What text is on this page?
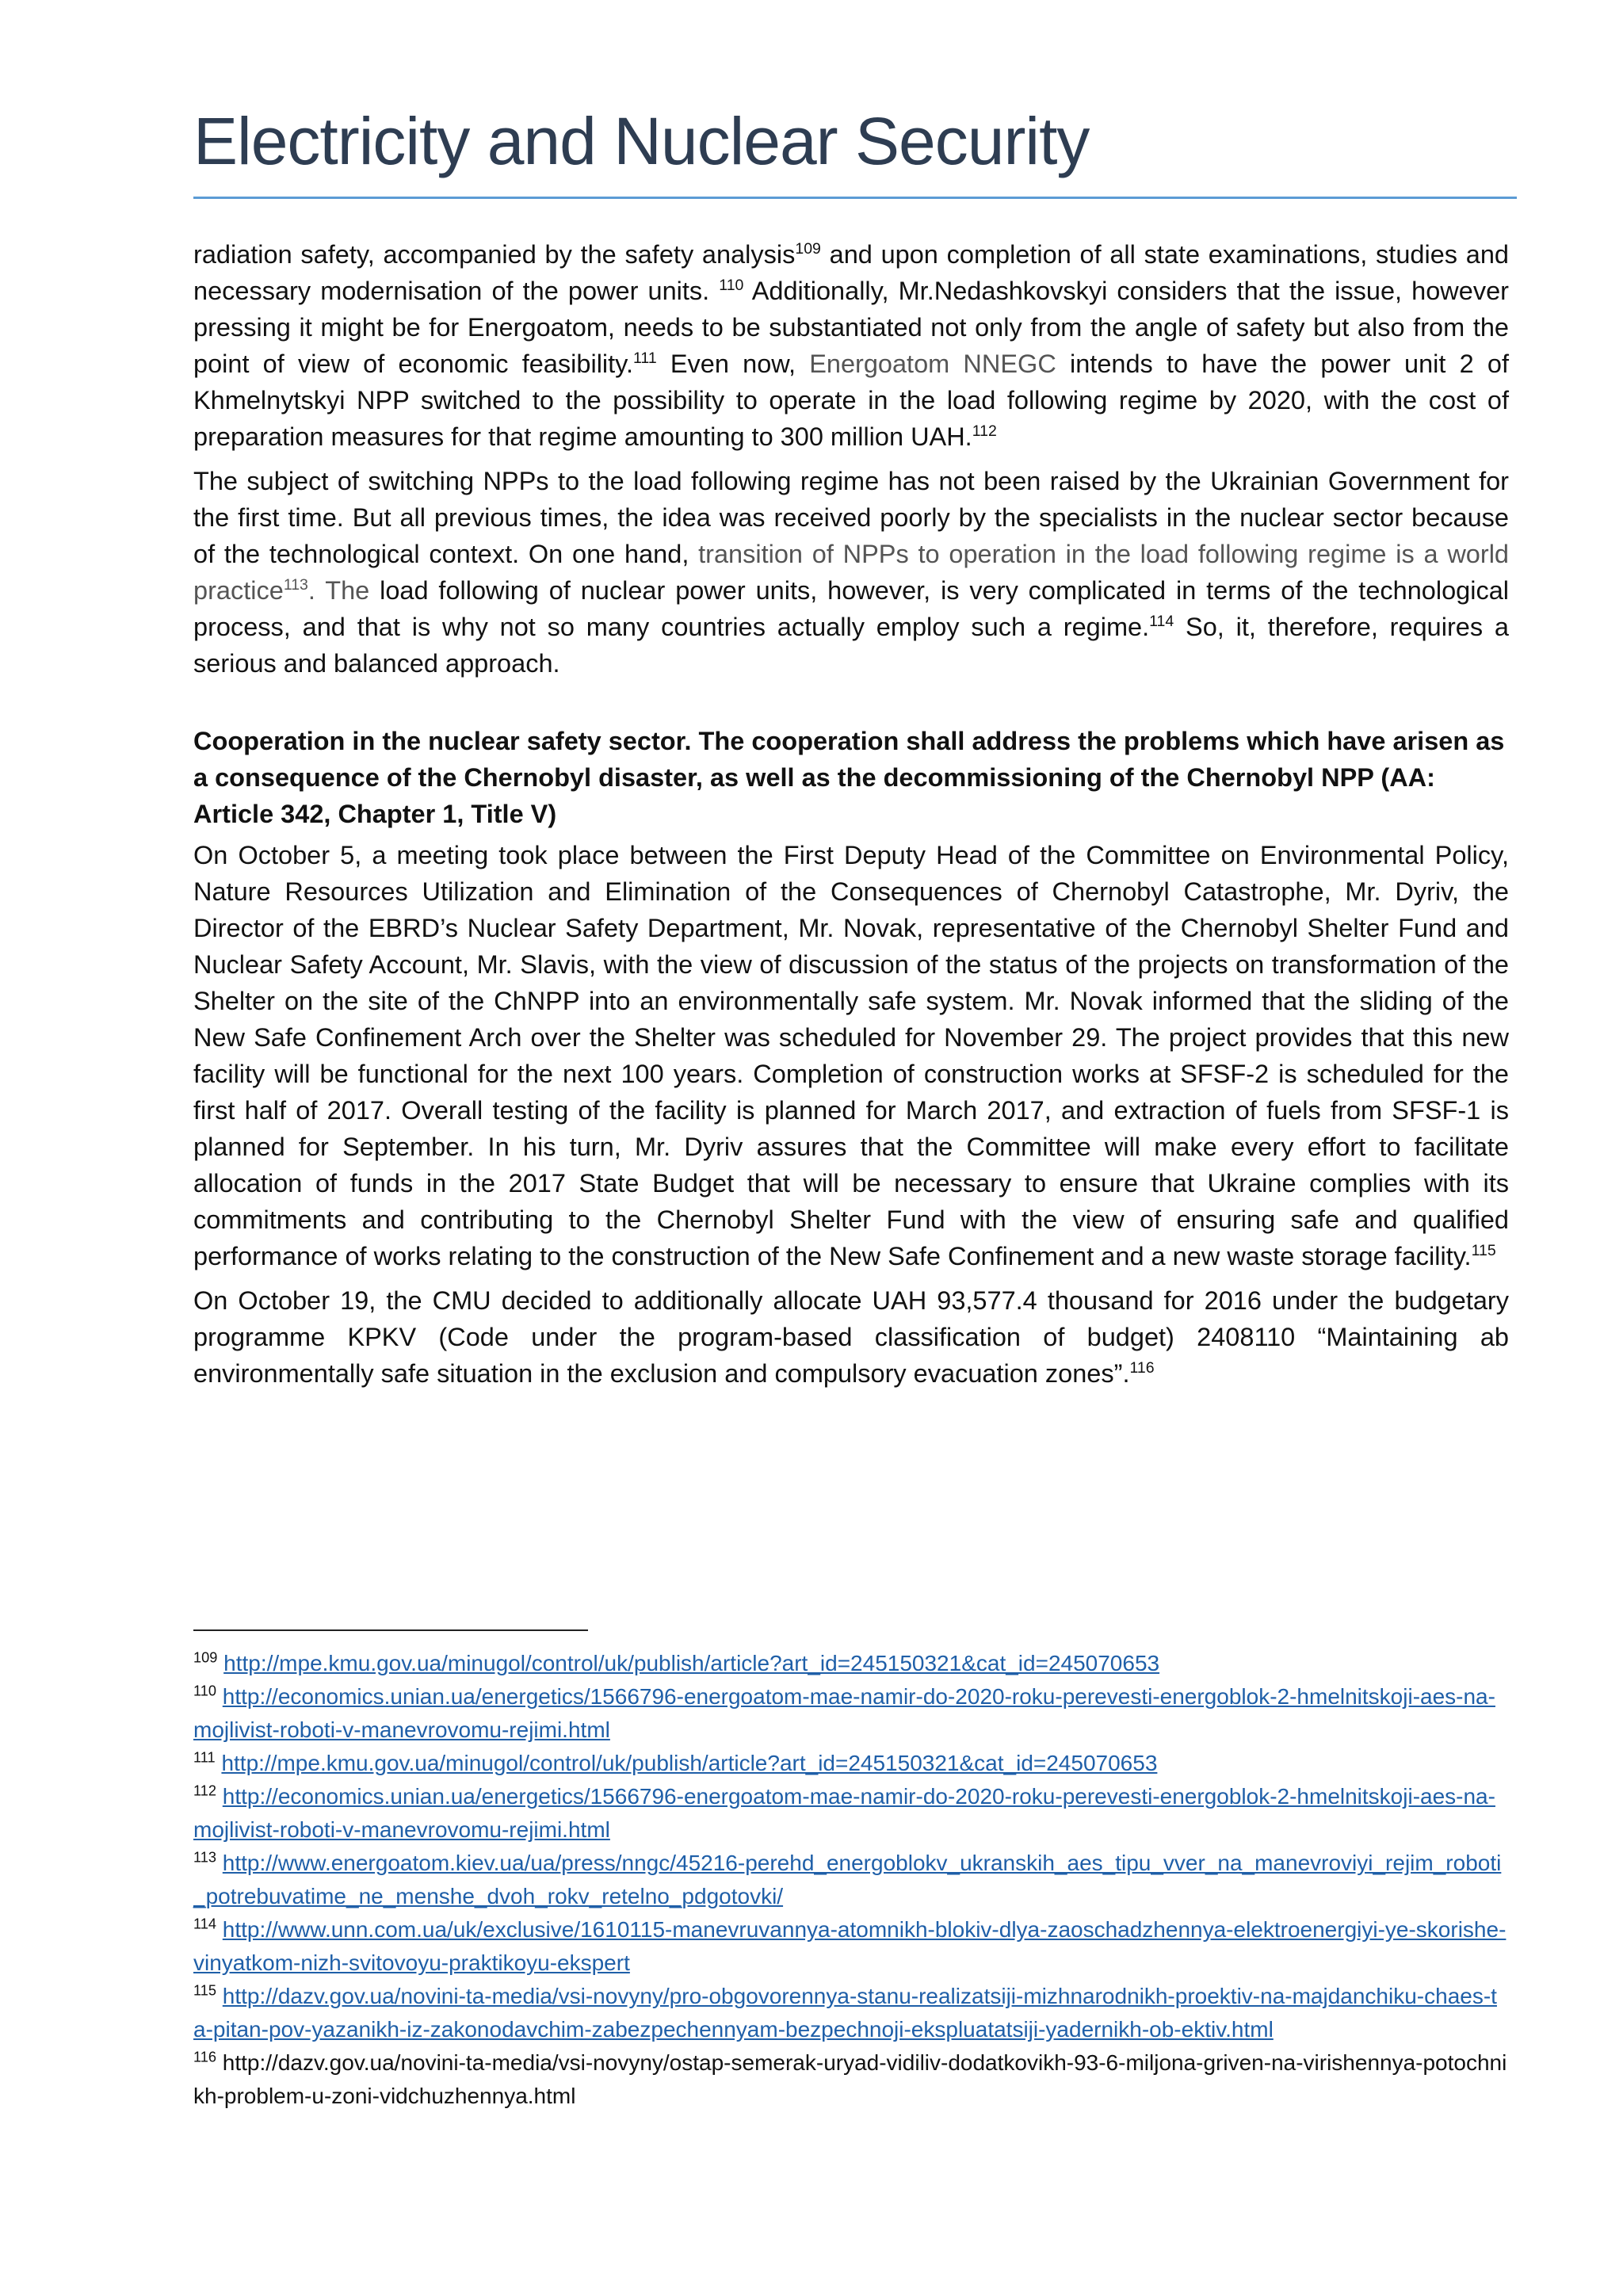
Electricity and Nuclear Security

radiation safety, accompanied by the safety analysis$^{109}$ and upon completion of all state examinations, studies and necessary modernisation of the power units. $^{110}$ Additionally, Mr.Nedashkovskyi considers that the issue, however pressing it might be for Energoatom, needs to be substantiated not only from the angle of safety but also from the point of view of economic feasibility.$^{111}$ Even now, Energoatom NNEGC intends to have the power unit 2 of Khmelnytskyi NPP switched to the possibility to operate in the load following regime by 2020, with the cost of preparation measures for that regime amounting to 300 million UAH.$^{112}$

The subject of switching NPPs to the load following regime has not been raised by the Ukrainian Government for the first time. But all previous times, the idea was received poorly by the specialists in the nuclear sector because of the technological context. On one hand, transition of NPPs to operation in the load following regime is a world practice$^{113}$. The load following of nuclear power units, however, is very complicated in terms of the technological process, and that is why not so many countries actually employ such a regime.$^{114}$ So, it, therefore, requires a serious and balanced approach.

Cooperation in the nuclear safety sector. The cooperation shall address the problems which have arisen as a consequence of the Chernobyl disaster, as well as the decommissioning of the Chernobyl NPP (AA: Article 342, Chapter 1, Title V)

On October 5, a meeting took place between the First Deputy Head of the Committee on Environmental Policy, Nature Resources Utilization and Elimination of the Consequences of Chernobyl Catastrophe, Mr. Dyriv, the Director of the EBRD’s Nuclear Safety Department, Mr. Novak, representative of the Chernobyl Shelter Fund and Nuclear Safety Account, Mr. Slavis, with the view of discussion of the status of the projects on transformation of the Shelter on the site of the ChNPP into an environmentally safe system. Mr. Novak informed that the sliding of the New Safe Confinement Arch over the Shelter was scheduled for November 29. The project provides that this new facility will be functional for the next 100 years. Completion of construction works at SFSF-2 is scheduled for the first half of 2017. Overall testing of the facility is planned for March 2017, and extraction of fuels from SFSF-1 is planned for September. In his turn, Mr. Dyriv assures that the Committee will make every effort to facilitate allocation of funds in the 2017 State Budget that will be necessary to ensure that Ukraine complies with its commitments and contributing to the Chernobyl Shelter Fund with the view of ensuring safe and qualified performance of works relating to the construction of the New Safe Confinement and a new waste storage facility.$^{115}$

On October 19, the CMU decided to additionally allocate UAH 93,577.4 thousand for 2016 under the budgetary programme KPKV (Code under the program-based classification of budget) 2408110 “Maintaining ab environmentally safe situation in the exclusion and compulsory evacuation zones”.$^{116}$

$^{109}$ http://mpe.kmu.gov.ua/minugol/control/uk/publish/article?art_id=245150321&cat_id=245070653

$^{110}$ http://economics.unian.ua/energetics/1566796-energoatom-mae-namir-do-2020-roku-perevesti-energoblok-2-hmelnitskoji-aes-na-mojlivist-roboti-v-manevrovomu-rejimi.html

$^{111}$ http://mpe.kmu.gov.ua/minugol/control/uk/publish/article?art_id=245150321&cat_id=245070653

$^{112}$ http://economics.unian.ua/energetics/1566796-energoatom-mae-namir-do-2020-roku-perevesti-energoblok-2-hmelnitskoji-aes-na-mojlivist-roboti-v-manevrovomu-rejimi.html

$^{113}$ http://www.energoatom.kiev.ua/ua/press/nngc/45216-perehd_energoblokv_ukranskih_aes_tipu_vver_na_manevroviyi_rejim_roboti_potrebuvatime_ne_menshe_dvoh_rokv_retelno_pdgotovki/

$^{114}$ http://www.unn.com.ua/uk/exclusive/1610115-manevruvannya-atomnikh-blokiv-dlya-zaoschadzhennya-elektroenergiyi-ye-skorishe-vinyatkom-nizh-svitovoyu-praktikoyu-ekspert

$^{115}$ http://dazv.gov.ua/novini-ta-media/vsi-novyny/pro-obgovorennya-stanu-realizatsiji-mizhnarodnikh-proektiv-na-majdanchiku-chaes-ta-pitan-pov-yazanikh-iz-zakonodavchim-zabezpechennyam-bezpechnoji-ekspluatatsiji-yadernikh-ob-ektiv.html

$^{116}$ http://dazv.gov.ua/novini-ta-media/vsi-novyny/ostap-semerak-uryad-vidiliv-dodatkovikh-93-6-miljona-griven-na-virishennya-potochnikh-problem-u-zoni-vidchuzhennya.html
